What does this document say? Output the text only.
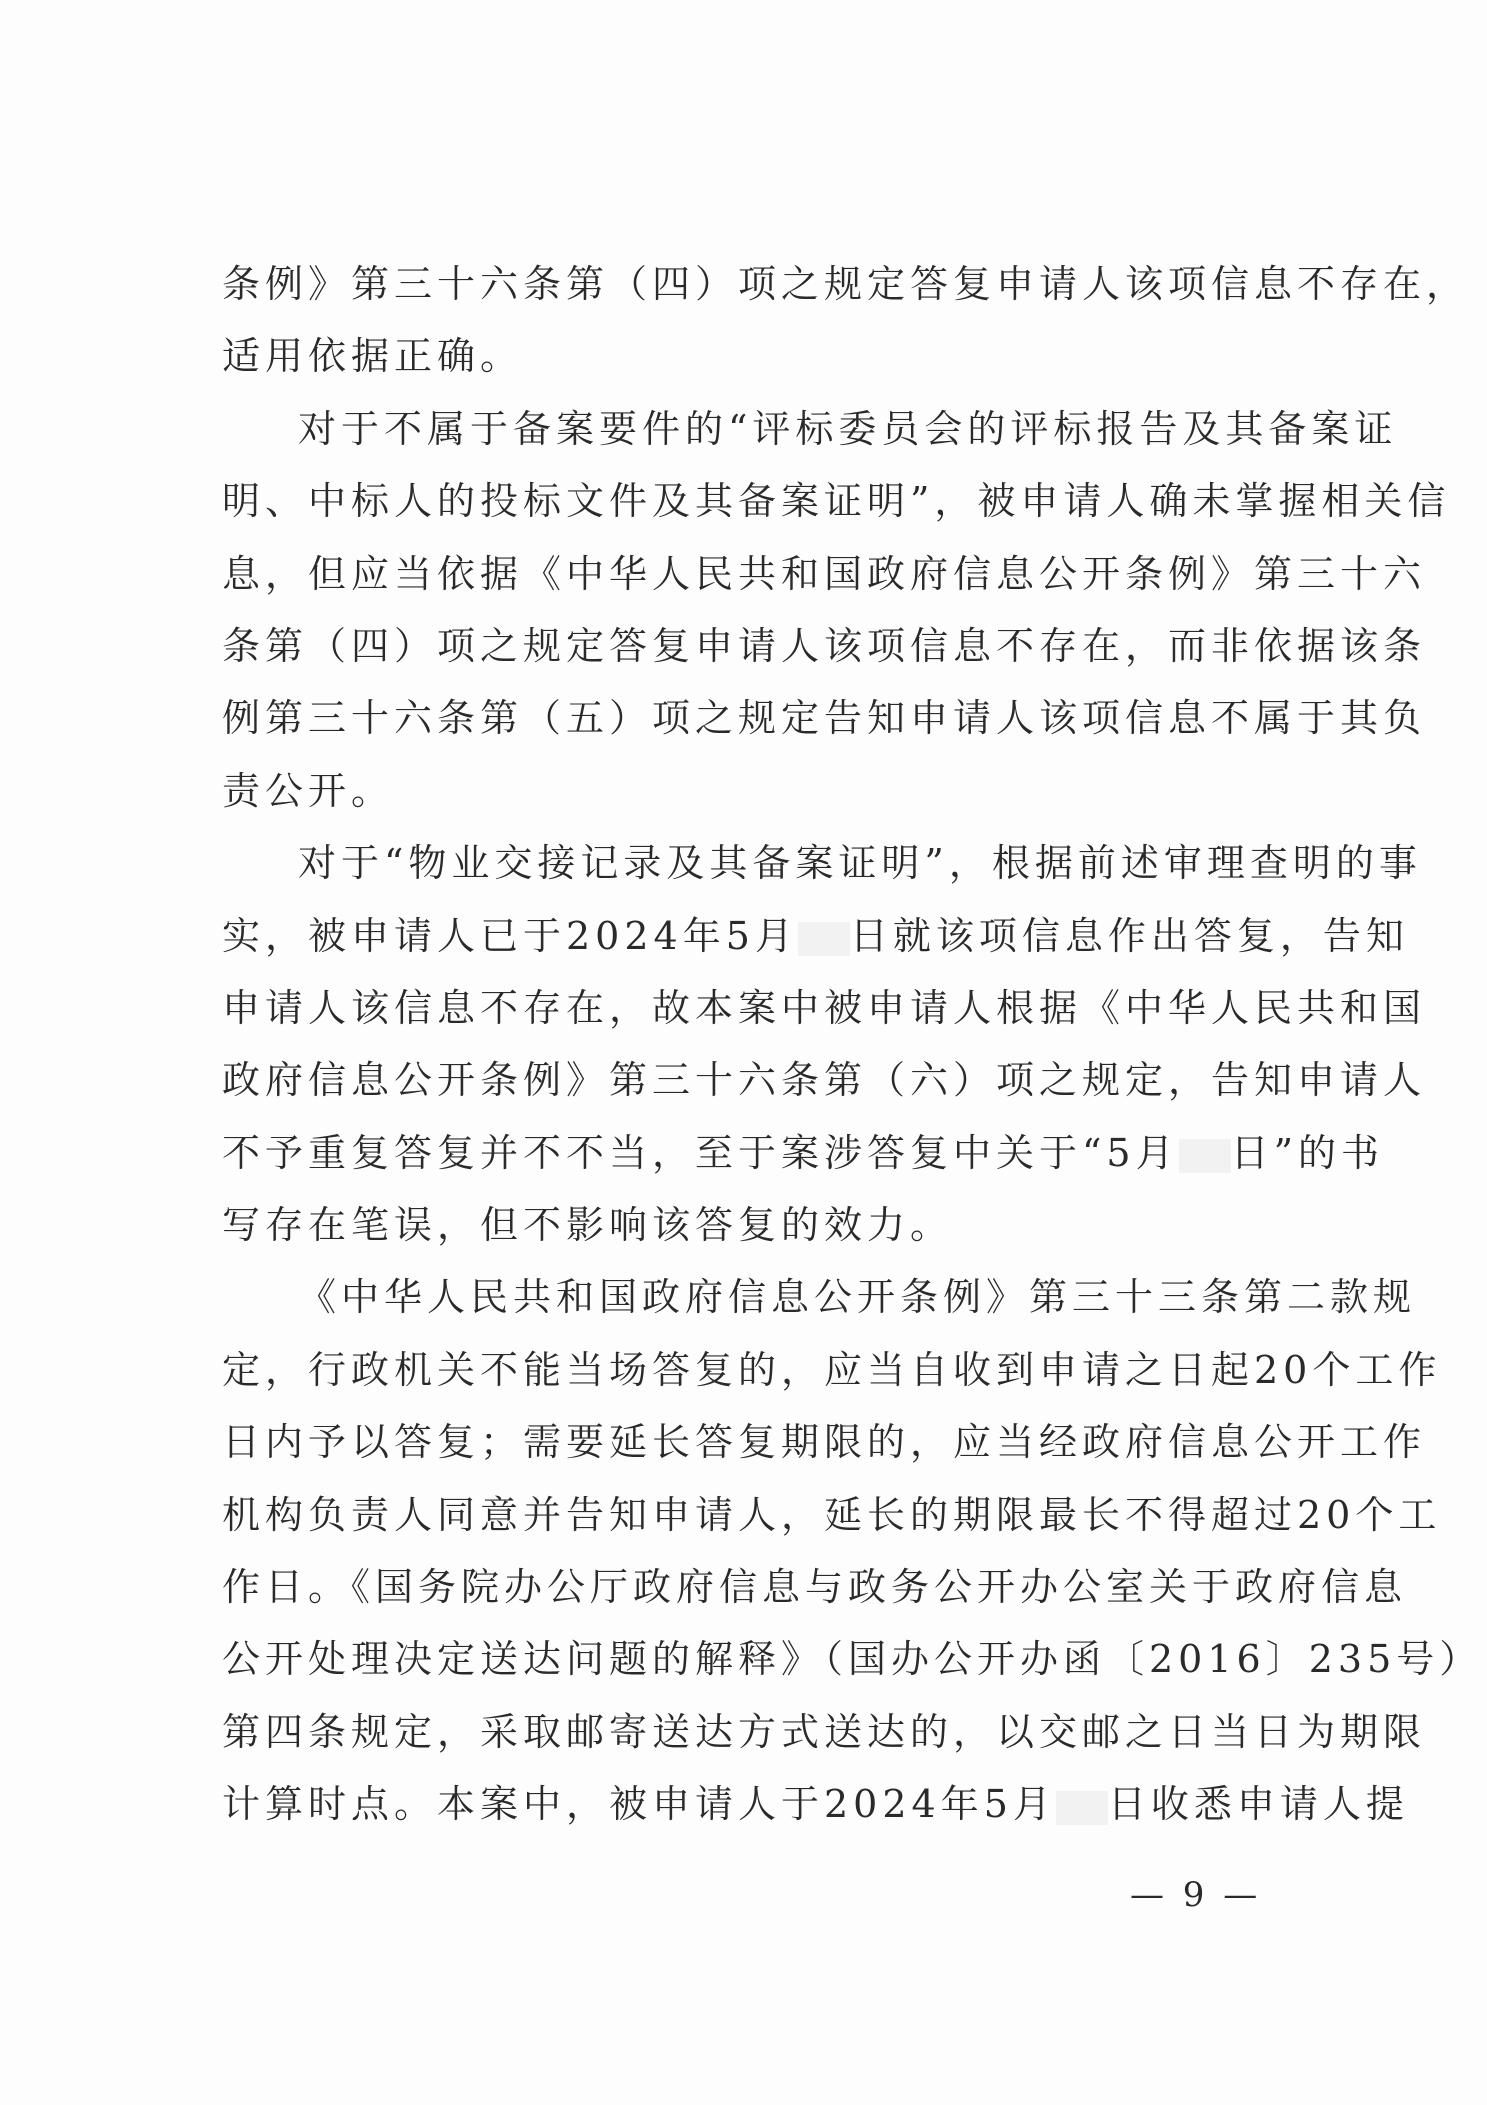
条例》第三十六条第（四）项之规定答复申请人该项信息不存在，
适用依据正确。
对于不属于备案要件的“评标委员会的评标报告及其备案证
明、中标人的投标文件及其备案证明”，被申请人确未掌握相关信
息，但应当依据《中华人民共和国政府信息公开条例》第三十六
条第（四）项之规定答复申请人该项信息不存在，而非依据该条
例第三十六条第（五）项之规定告知申请人该项信息不属于其负
责公开。
对于“物业交接记录及其备案证明”，根据前述审理查明的事
实，被申请人已于2024年5月 日就该项信息作出答复，告知
申请人该信息不存在，故本案中被申请人根据《中华人民共和国
政府信息公开条例》第三十六条第（六）项之规定，告知申请人
不予重复答复并不不当，至于案涉答复中关于“5月 日”的书
写存在笔误，但不影响该答复的效力。
《中华人民共和国政府信息公开条例》第三十三条第二款规
定，行政机关不能当场答复的，应当自收到申请之日起20个工作
日内予以答复；需要延长答复期限的，应当经政府信息公开工作
机构负责人同意并告知申请人，延长的期限最长不得超过20个工
作日。《国务院办公厅政府信息与政务公开办公室关于政府信息
公开处理决定送达问题的解释》（国办公开办函〔2016〕235号）
第四条规定，采取邮寄送达方式送达的，以交邮之日当日为期限
计算时点。本案中，被申请人于2024年5月 日收悉申请人提
— 9 —
